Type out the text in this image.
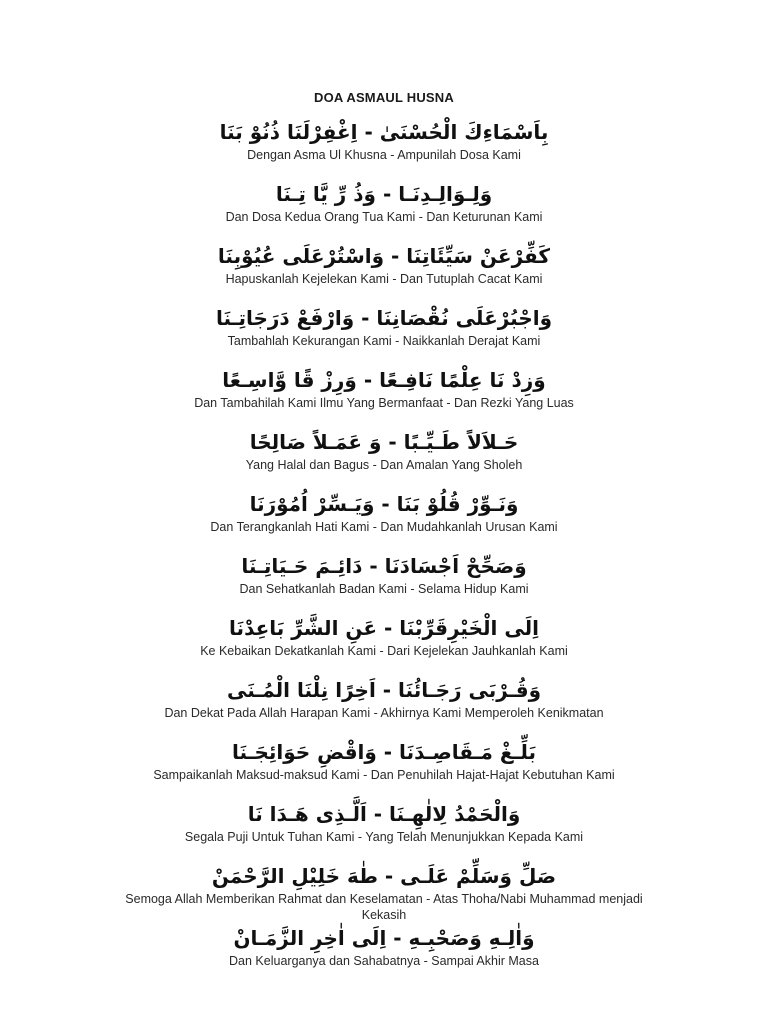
DOA ASMAUL HUSNA
بِاَسْمَاءِكَ الْحُسْنَىٰ - اِغْفِرْلَنَا ذُنُوْ بَنَا
Dengan Asma Ul Khusna - Ampunilah Dosa Kami
وَلِـوَالِـدِنَـا - وَذُ رِّ يَّا تِـنَا
Dan Dosa Kedua Orang Tua Kami - Dan Keturunan Kami
كَفِّرْعَنْ سَيِّئَاتِنَا - وَاسْتُرْعَلَى عُيُوْبِنَا
Hapuskanlah Kejelekan Kami - Dan Tutuplah Cacat Kami
وَاجْبُرْعَلَى نُقْصَانِنَا - وَارْفَعْ دَرَجَاتِـنَا
Tambahlah Kekurangan Kami - Naikkanlah Derajat Kami
وَزِدْ نَا عِلْمًا نَافِـعًا - وَرِزْ قًا وَّاسِـعًا
Dan Tambahilah Kami Ilmu Yang Bermanfaat - Dan Rezki Yang Luas
حَـلاَلاً طَـيِّـبًا - وَ عَمَـلاً صَالِحًا
Yang Halal dan Bagus - Dan Amalan Yang Sholeh
وَنَـوِّرْ قُلُوْ بَنَا - وَيَـسِّرْ اُمُوْرَنَا
Dan Terangkanlah Hati Kami - Dan Mudahkanlah Urusan Kami
وَصَحِّحْ اَجْسَادَنَا - دَائِـمَ حَـيَاتِـنَا
Dan Sehatkanlah Badan Kami - Selama Hidup Kami
اِلَى الْخَيْرِقَرِّبْنَا - عَنِ الشَّرِّ بَاعِدْنَا
Ke Kebaikan Dekatkanlah Kami - Dari Kejelekan Jauhkanlah Kami
وَقُـرْبَى رَجَـائُنَا - اَخِرًا نِلْنَا الْمُـنَى
Dan Dekat Pada Allah Harapan Kami - Akhirnya Kami Memperoleh Kenikmatan
بَلِّـغْ مَـقَاصِـدَنَا - وَاقْضِ حَوَائِجَـنَا
Sampaikanlah Maksud-maksud Kami - Dan Penuhilah Hajat-Hajat Kebutuhan Kami
وَالْحَمْدُ لِالٰهِـنَا - اَلَّـذِى هَـدَا نَا
Segala Puji Untuk Tuhan Kami - Yang Telah Menunjukkan Kepada Kami
صَلِّ وَسَلِّمْ عَلَـى - طٰهَ خَلِيْلِ الرَّحْمَنْ
Semoga Allah Memberikan Rahmat dan Keselamatan - Atas Thoha/Nabi Muhammad menjadi Kekasih
وَاٰلِـهِ وَصَحْبِـهِ - اِلَى اٰخِرِ الزَّمَـانْ
Dan Keluarganya dan Sahabatnya - Sampai Akhir Masa
